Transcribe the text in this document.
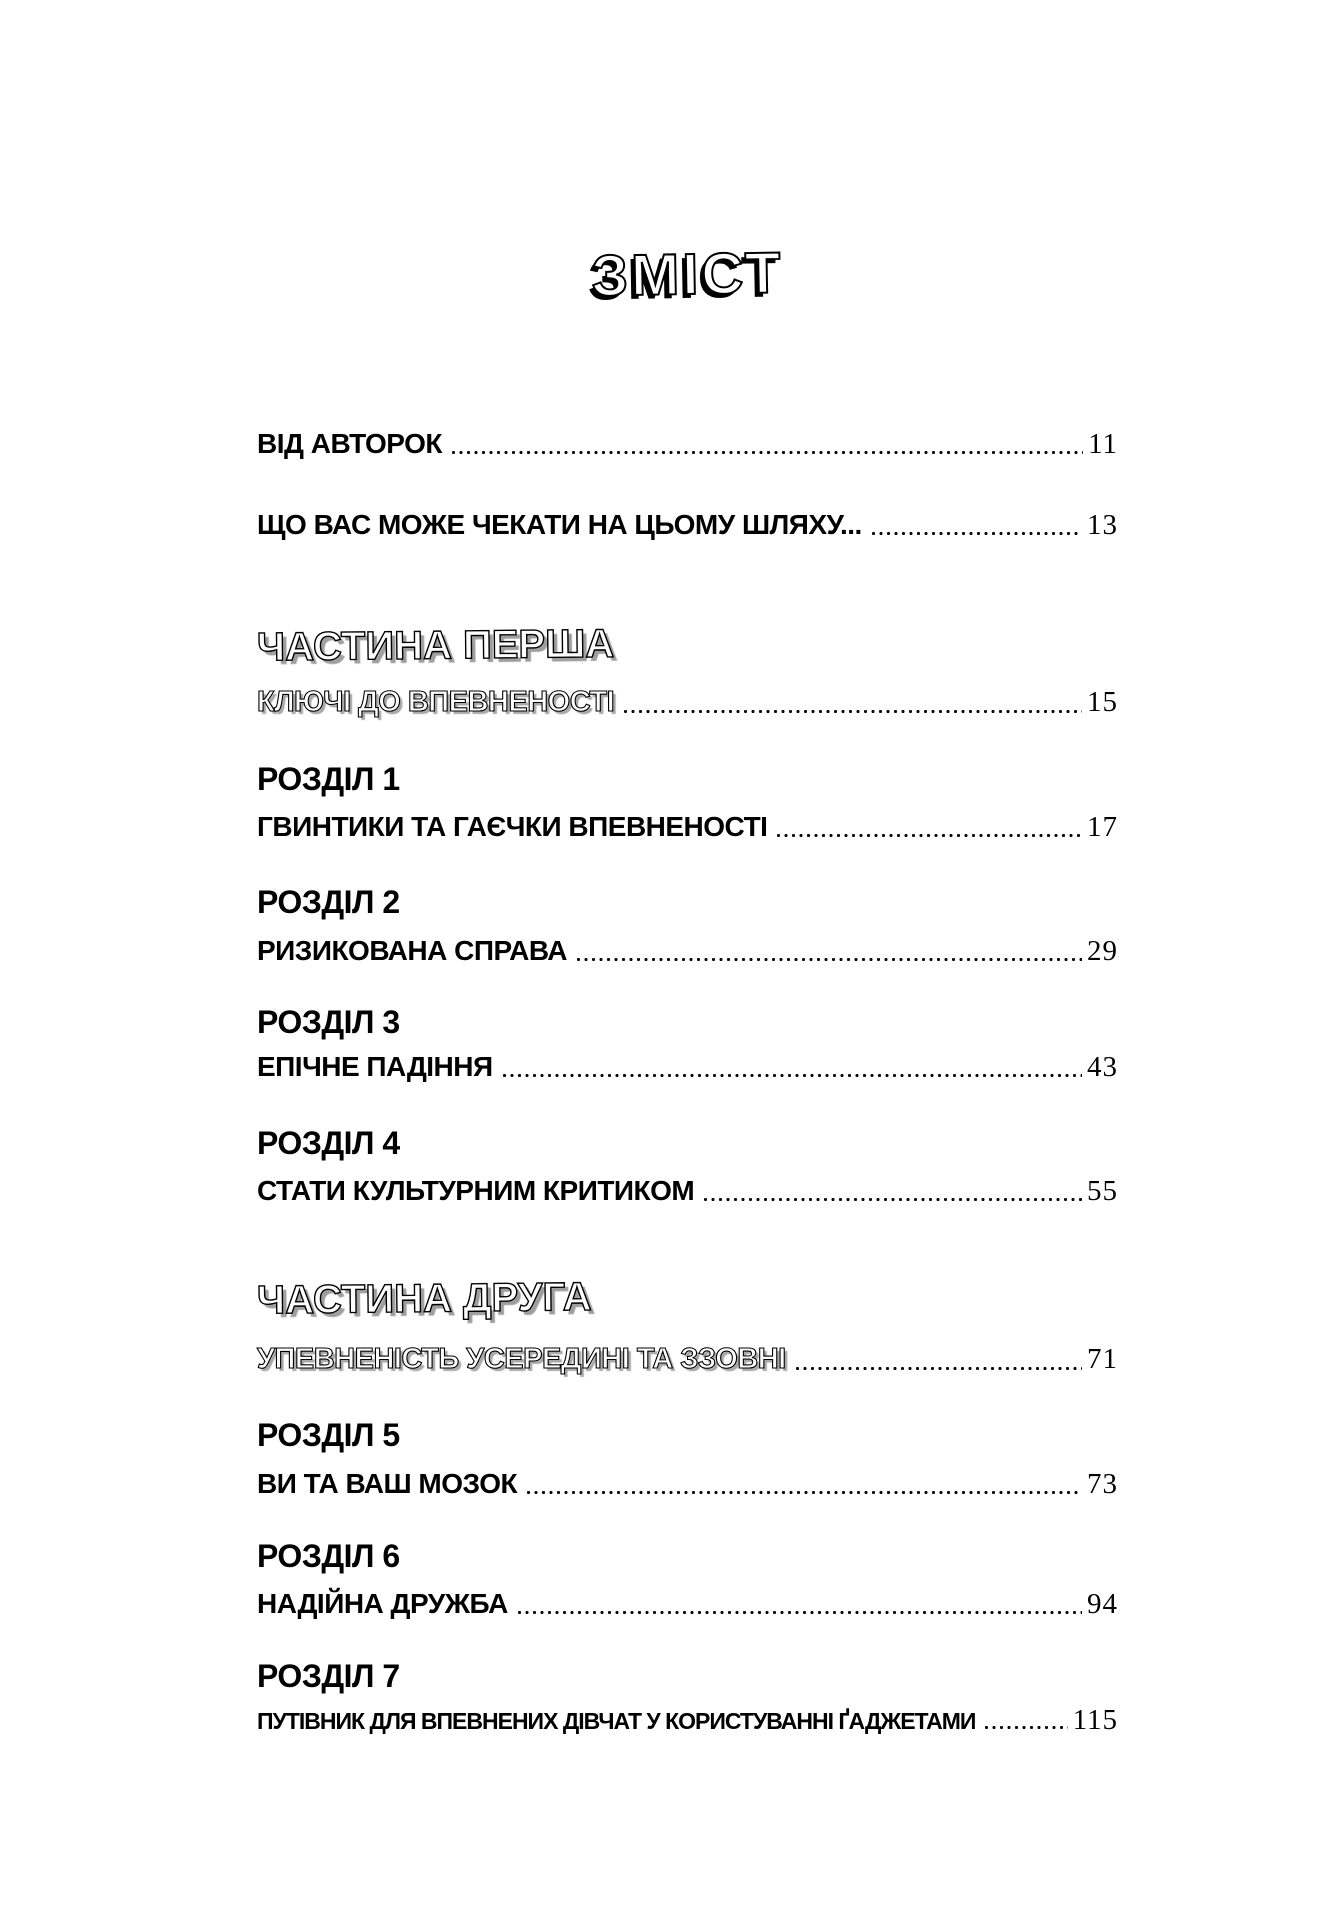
ЗМІСТ
ВІД АВТОРОК	11
ЩО ВАС МОЖЕ ЧЕКАТИ НА ЦЬОМУ ШЛЯХУ...	13
ЧАСТИНА ПЕРША
КЛЮЧІ ДО ВПЕВНЕНОСТІ	15
РОЗДІЛ 1
ГВИНТИКИ ТА ГАЄЧКИ ВПЕВНЕНОСТІ	17
РОЗДІЛ 2
РИЗИКОВАНА СПРАВА	29
РОЗДІЛ 3
ЕПІЧНЕ ПАДІННЯ	43
РОЗДІЛ 4
СТАТИ КУЛЬТУРНИМ КРИТИКОМ	55
ЧАСТИНА ДРУГА
УПЕВНЕНІСТЬ УСЕРЕДИНІ ТА ЗЗОВНІ	71
РОЗДІЛ 5
ВИ ТА ВАШ МОЗОК	73
РОЗДІЛ 6
НАДІЙНА ДРУЖБА	94
РОЗДІЛ 7
ПУТІВНИК ДЛЯ ВПЕВНЕНИХ ДІВЧАТ У КОРИСТУВАННІ ҐАДЖЕТАМИ	115
